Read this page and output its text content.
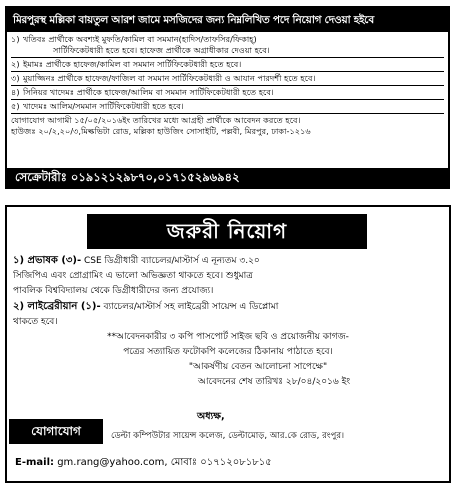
মিরপুরস্থ মল্লিকা বায়তুল আরশ জামে মসজিদের জন্য নিম্নলিখিত পদে নিয়োগ দেওয়া হইবে
১) খতিবঃ প্রার্থীকে অবশ্যই মুফতি/কামিল বা সমমান(হাদিস/তাফসির/ফিকাহ্)
সার্টিফিকেটধারী হতে হবে। হাফেজ প্রার্থীকে অগ্রাধীকার দেওয়া হবে।
২) ইমামঃ প্রার্থীকে হাফেজ/কামিল বা সমমান সার্টিফিকেটধারী হতে হবে।
৩) মুয়াজ্জিনঃ প্রার্থীকে হাফেজ/ফাজিল বা সমমান সার্টিফিকেটধারী ও আযান পারদর্শী হতে হবে।
৪) সিনিয়র খাদেমঃ প্রার্থীকে হাফেজ/আলিম বা সমমান সার্টিফিকেটধারী হতে হবে।
৫) খাদেমঃ আলিম/সমমান সার্টিফিকেটধারী হতে হবে।
যোগাযোগ আগামী ১৫/০৫/২০১৬ইং তারিখের মধ্যে আগ্রহী প্রার্থীকে আবেদন করতে হবে।
হাউজঃ ২০/২,২০/৩,মিল্কভিটা রোড, মল্লিকা হাউজিং সোসাইটি, পল্লবী, মিরপুর, ঢাকা-১২১৬
সেক্রেটারীঃ ০১৯১২১২৯৮৭০,০১৭১৫২৯৬৯৪২
জরুরী নিয়োগ
১) প্রভাষক (৩)- CSE ডিগ্রীধারী ব্যাচেলর/মাস্টার্স এ নূন্যতম ৩.২০
সিজিপিএ এবং প্রোগ্রামিং এ ভালো অভিজ্ঞতা থাকতে হবে। শুধুমাত্র
পাবলিক বিশ্ববিদ্যালয় থেকে ডিগ্রীধারীদের জন্য প্রযোজ্য।
২) লাইব্রেরীয়ান (১)- ব্যাচেলর/মাস্টার্স সহ লাইব্রেরী সায়েন্স এ ডিপ্লোমা
থাকতে হবে।
**আবেদনকারীর ৩ কপি পাসপোর্ট সাইজ ছবি ও প্রয়োজনীয় কাগজ-
পত্রের সত্যায়িত ফটোকপি কলেজের ঠিকানায় পাঠাতে হবে।
"আকর্ষণীয় বেতন আলোচনা সাপেক্ষে"
আবেদনের শেষ তারিখঃ ২৮/০৪/২০১৬ ইং
যোগাযোগ
অধ্যক্ষ,
ডেল্টা কম্পিউটার সায়েন্স কলেজ, ডেল্টামোড়, আর.কে রোড, রংপুর।
E-mail: gm.rang@yahoo.com, মোবাঃ ০১৭১২০৮১৮১৫
